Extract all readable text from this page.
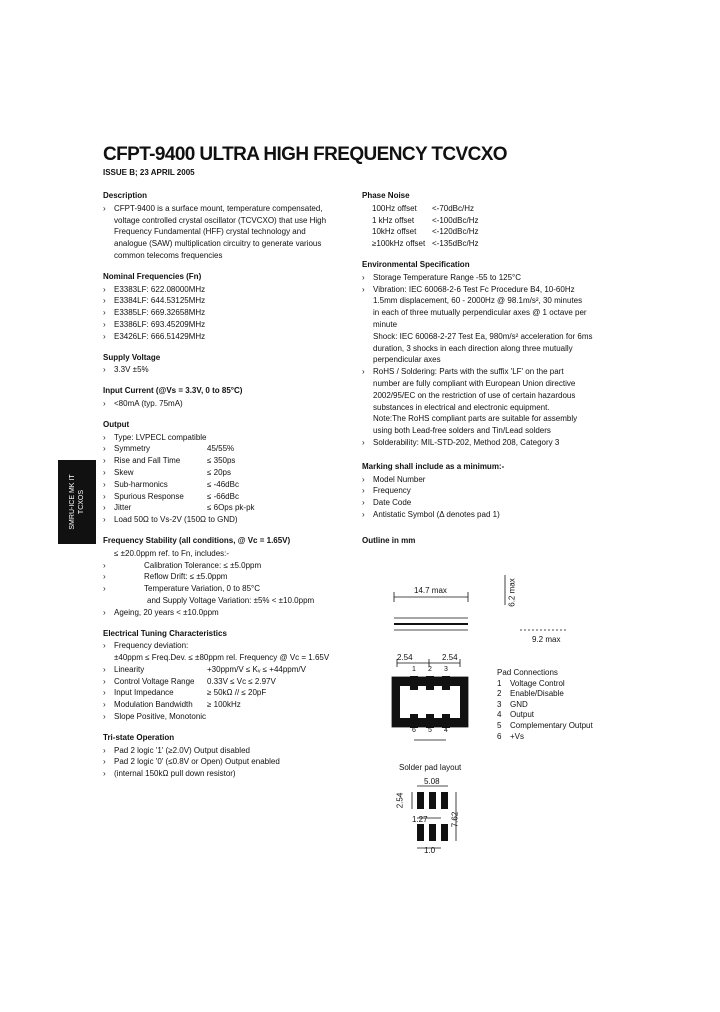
CFPT-9400 ULTRA HIGH FREQUENCY TCVCXO
ISSUE B; 23 APRIL 2005
SMRU-ICE MK IT TCXOS
Description
› CFPT-9400 is a surface mount, temperature compensated,
voltage controlled crystal oscillator (TCVCXO) that use High
Frequency Fundamental (HFF) crystal technology and
analogue (SAW) multiplication circuitry to generate various
common telecoms frequencies
Nominal Frequencies (Fn)
› E3383LF: 622.08000MHz
› E3384LF: 644.53125MHz
› E3385LF: 669.32658MHz
› E3386LF: 693.45209MHz
› E3426LF: 666.51429MHz
Supply Voltage
› 3.3V ±5%
Input Current (@Vs = 3.3V, 0 to 85°C)
› <80mA (typ. 75mA)
Output
› Type: LVPECL compatible
› Symmetry	45/55%
› Rise and Fall Time	≤ 350ps
› Skew	≤ 20ps
› Sub-harmonics	≤ -46dBc
› Spurious Response	≤ -66dBc
› Jitter	≤ 6Ops pk-pk
› Load 50Ω to Vs-2V (150Ω to GND)
Frequency Stability (all conditions, @ Vc = 1.65V)
≤ ±20.0ppm ref. to Fn, includes:-
›	Calibration Tolerance: ≤ ±5.0ppm
›	Reflow Drift: ≤ ±5.0ppm
›	Temperature Variation, 0 to 85°C
and Supply Voltage Variation: ±5% < ±10.0ppm
› Ageing, 20 years < ±10.0ppm
Electrical Tuning Characteristics
› Frequency deviation:
±40ppm ≤ Freq.Dev. ≤ ±80ppm rel. Frequency @ Vc = 1.65V
› Linearity	+30ppm/V ≤ Kᵥ ≤ +44ppm/V
› Control Voltage Range	0.33V ≤ Vc ≤ 2.97V
› Input Impedance	≥ 50kΩ // ≤ 20pF
› Modulation Bandwidth	≥ 100kHz
› Slope Positive, Monotonic
Tri-state Operation
› Pad 2 logic '1' (≥2.0V) Output disabled
› Pad 2 logic '0' (≤0.8V or Open) Output enabled
› (internal 150kΩ pull down resistor)
Phase Noise
100Hz offset	<-70dBc/Hz
1 kHz offset	<-100dBc/Hz
10kHz offset	<-120dBc/Hz
≥100kHz offset <-135dBc/Hz
Environmental Specification
› Storage Temperature Range -55 to 125°C
› Vibration: IEC 60068-2-6 Test Fc Procedure B4, 10-60Hz
1.5mm displacement, 60 - 2000Hz @ 98.1m/s², 30 minutes
in each of three mutually perpendicular axes @ 1 octave per
minute
Shock: IEC 60068-2-27 Test Ea, 980m/s² acceleration for 6ms
duration, 3 shocks in each direction along three mutually
perpendicular axes
› RoHS / Soldering: Parts with the suffix 'LF' on the part
number are fully compliant with European Union directive
2002/95/EC on the restriction of use of certain hazardous
substances in electrical and electronic equipment.
Note:The RoHS compliant parts are suitable for assembly
using both Lead-free solders and Tin/Lead solders
› Solderability: MIL-STD-202, Method 208, Category 3
Marking shall include as a minimum:-
› Model Number
› Frequency
› Date Code
› Antistatic Symbol (Δ denotes pad 1)
Outline in mm
14.7 max	6.2 max
9.2 max
2.54	2.54
1 2 3
6 5 4
Pad Connections
1	Voltage Control
2	Enable/Disable
3	GND
4	Output
5	Complementary Output
6	+Vs
Solder pad layout
5.08
2.54
1.27	7.62
1.0
